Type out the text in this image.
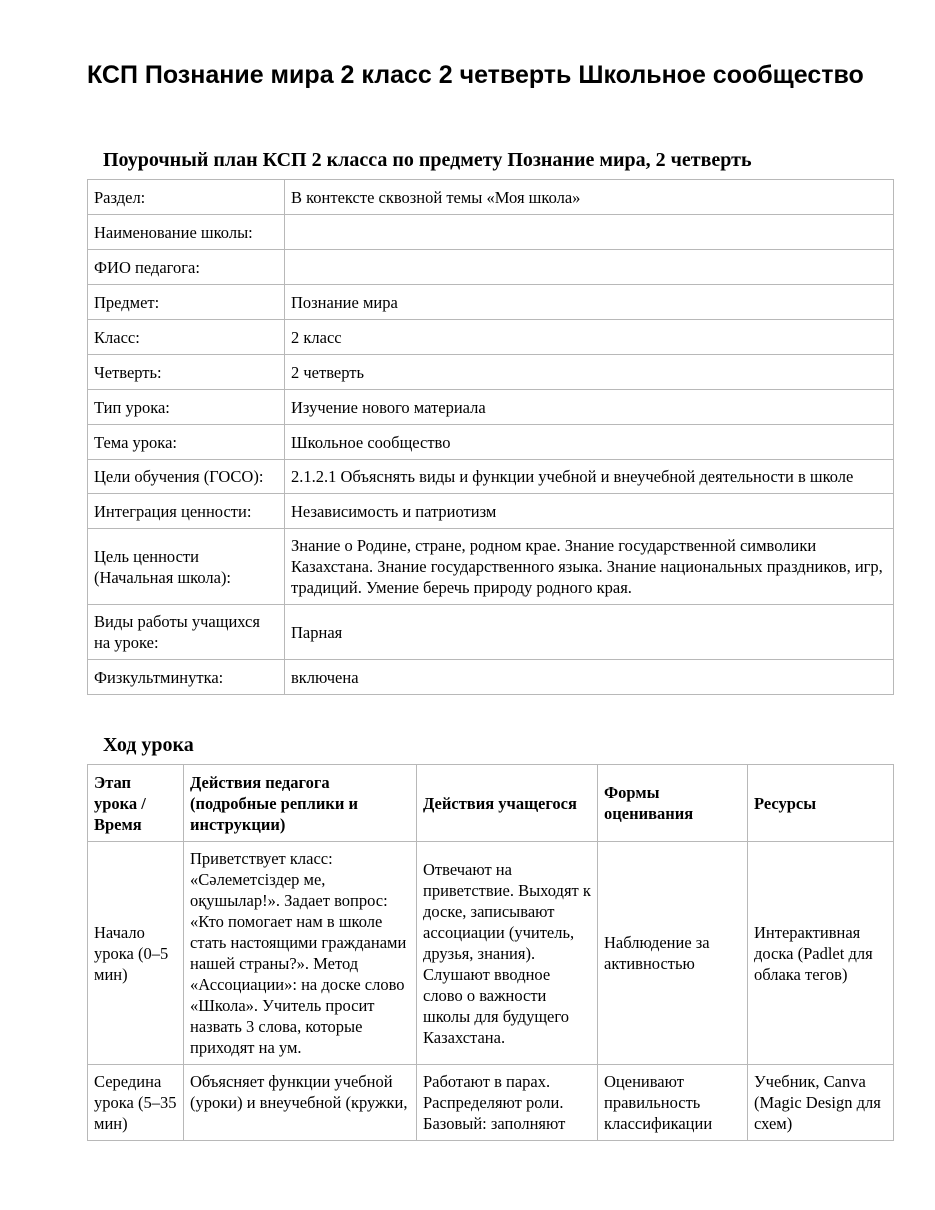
КСП Познание мира 2 класс 2 четверть Школьное сообщество
Поурочный план КСП 2 класса по предмету Познание мира, 2 четверть
Раздел:	В контексте сквозной темы «Моя школа»
Наименование школы:	
ФИО педагога:	
Предмет:	Познание мира
Класс:	2 класс
Четверть:	2 четверть
Тип урока:	Изучение нового материала
Тема урока:	Школьное сообщество
Цели обучения (ГОСО):	2.1.2.1 Объяснять виды и функции учебной и внеучебной деятельности в школе
Интеграция ценности:	Независимость и патриотизм
Цель ценности (Начальная школа):	Знание о Родине, стране, родном крае. Знание государственной символики Казахстана. Знание государственного языка. Знание национальных праздников, игр, традиций. Умение беречь природу родного края.
Виды работы учащихся на уроке:	Парная
Физкультминутка:	включена
Ход урока
Этап урока / Время	Действия педагога (подробные реплики и инструкции)	Действия учащегося	Формы оценивания	Ресурсы
Начало урока (0–5 мин)	Приветствует класс: «Сәлеметсіздер ме, оқушылар!». Задает вопрос: «Кто помогает нам в школе стать настоящими гражданами нашей страны?». Метод «Ассоциации»: на доске слово «Школа». Учитель просит назвать 3 слова, которые приходят на ум.	Отвечают на приветствие. Выходят к доске, записывают ассоциации (учитель, друзья, знания). Слушают вводное слово о важности школы для будущего Казахстана.	Наблюдение за активностью	Интерактивная доска (Padlet для облака тегов)
Середина урока (5–35 мин)	Объясняет функции учебной (уроки) и внеучебной (кружки,	Работают в парах. Распределяют роли. Базовый: заполняют	Оценивают правильность классификации	Учебник, Canva (Magic Design для схем)
